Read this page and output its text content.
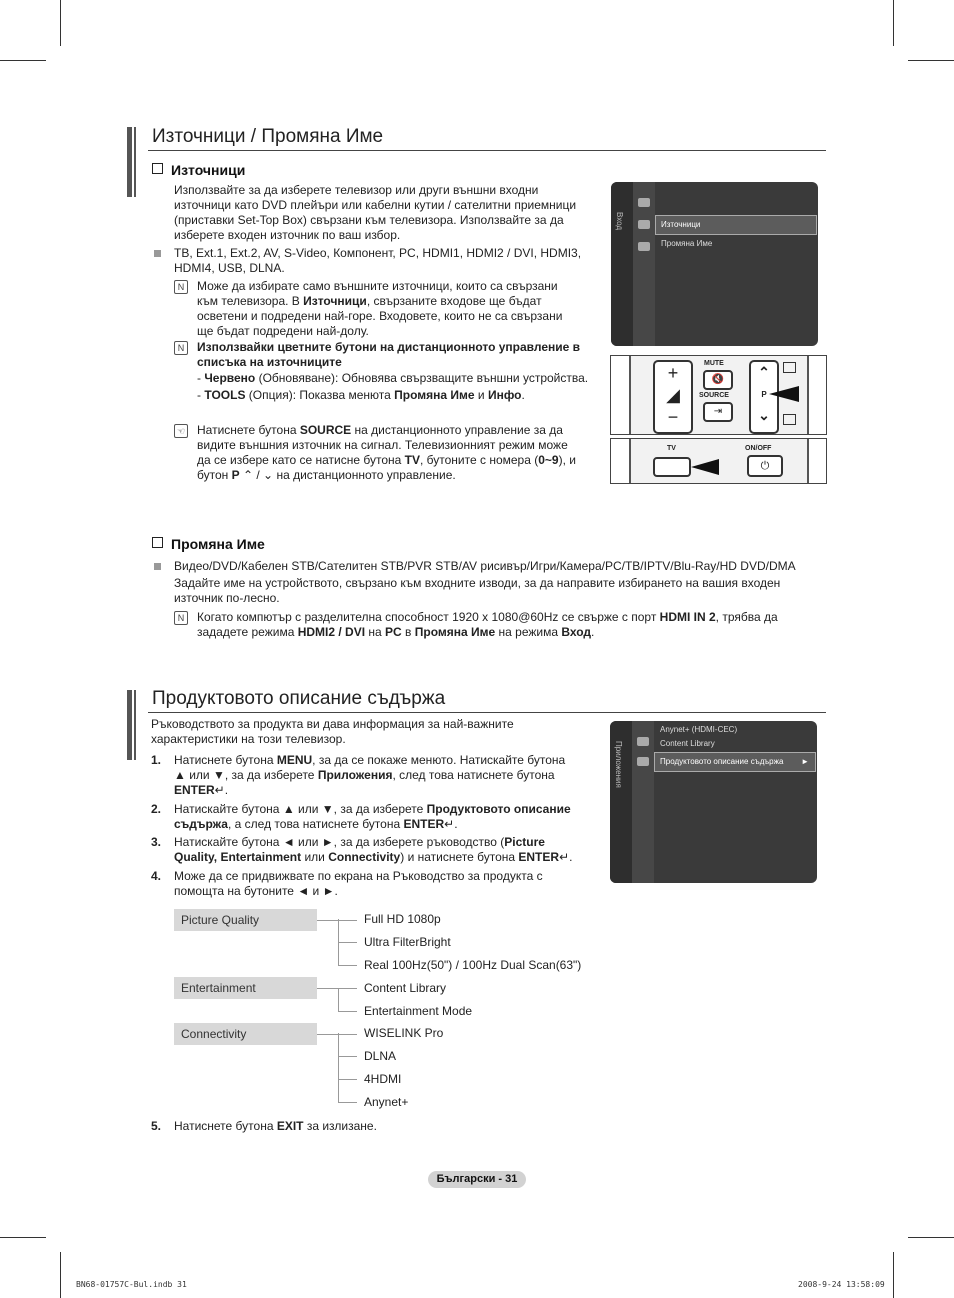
Източници / Промяна Име
Източници
Използвайте за да изберете телевизор или други външни входни източници като DVD плейъри или кабелни кутии / сателитни приемници (приставки Set-Top Box) свързани към телевизора. Използвайте за да изберете входен източник по ваш избор.
ТВ, Ext.1, Ext.2, AV, S-Video, Компонент, PC, HDMI1, HDMI2 / DVI, HDMI3, HDMI4, USB, DLNA.
N	Може да избирате само външните източници, които са свързани към телевизора. В Източници, свързаните входове ще бъдат осветени и подредени най-горе. Входовете, които не са свързани ще бъдат подредени най-долу.
N	Използвайки цветните бутони на дистанционното управление в списъка на източниците
- Червено (Обновяване): Обновява свързващите външни устройства.
- TOOLS (Опция): Показва менюта Промяна Име и Инфо.
☜ Натиснете бутона SOURCE на дистанционното управление за да видите външния източник на сигнал. Телевизионният режим може да се избере като се натисне бутона TV, бутоните с номера (0~9), и бутон P ⌃ / ⌄ на дистанционното управление.
Вход	Източници
Промяна Име
+
◢
−
MUTE
🔇
SOURCE
⇥
⌃
P
⌄
TV	ON/OFF
⏻
Промяна Име
Видео/DVD/Кабелен STB/Сателитен STB/PVR STB/AV рисивър/Игри/Камера/PC/ТВ/IPTV/Blu-Ray/HD DVD/DMA
Задайте име на устройството, свързано към входните изводи, за да направите избирането на вашия входен източник по-лесно.
N	Когато компютър с разделителна способност 1920 x 1080@60Hz се свърже с порт HDMI IN 2, трябва да зададете режима HDMI2 / DVI на PC в Промяна Име на режима Вход.
Продуктовото описание съдържа
Ръководството за продукта ви дава информация за най-важните характеристики на този телевизор.
1. Натиснете бутона MENU, за да се покаже менюто. Натискайте бутона ▲ или ▼, за да изберете Приложения, след това натиснете бутона ENTER↵.
2. Натискайте бутона ▲ или ▼, за да изберете Продуктовото описание съдържа, а след това натиснете бутона ENTER↵.
3. Натискайте бутона ◄ или ►, за да изберете ръководство (Picture Quality, Entertainment или Connectivity) и натиснете бутона ENTER↵.
4. Може да се придвижвате по екрана на Ръководство за продукта с помощта на бутоните ◄ и ►.
Приложения
Anynet+ (HDMI-CEC)
Content Library
Продуктовото описание съдържа ►
Picture Quality
Entertainment
Connectivity
Full HD 1080p
Ultra FilterBright
Real 100Hz(50") / 100Hz Dual Scan(63")
Content Library
Entertainment Mode
WISELINK Pro
DLNA
4HDMI
Anynet+
5. Натиснете бутона EXIT за излизане.
Български - 31
BN68-01757C-Bul.indb 31	2008-9-24 13:58:09
